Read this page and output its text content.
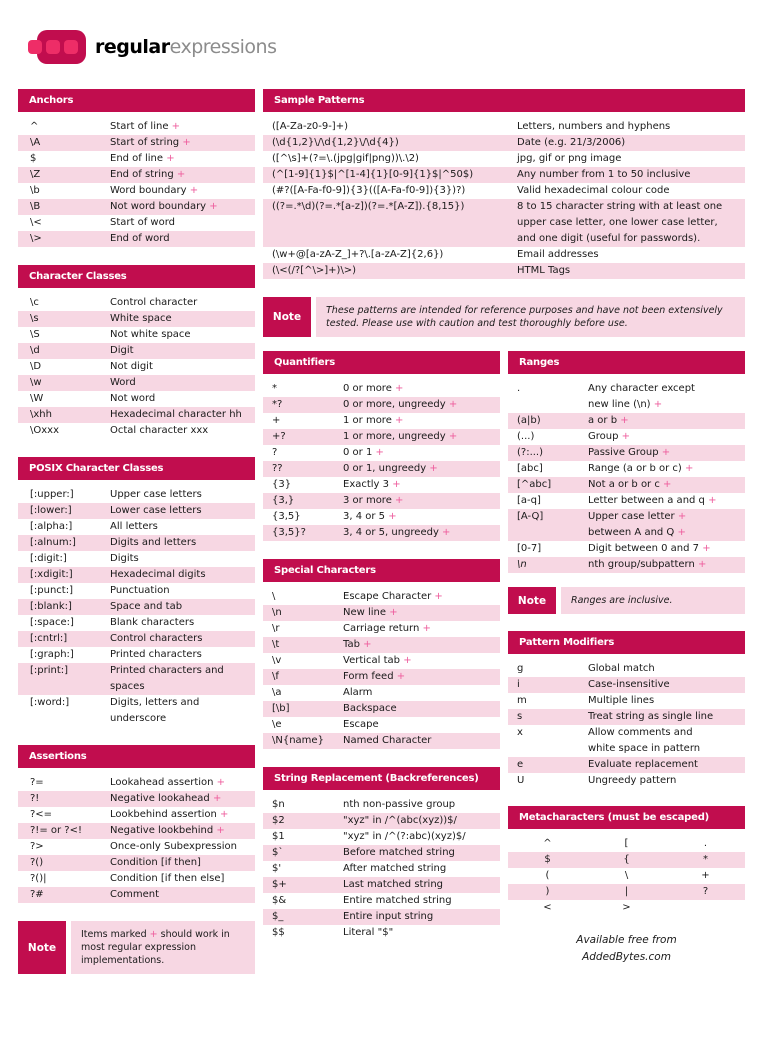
regularexpressions
Anchors
^	Start of line +
\A	Start of string +
$	End of line +
\Z	End of string +
\b	Word boundary +
\B	Not word boundary +
\<	Start of word
\>	End of word
Character Classes
\c	Control character
\s	White space
\S	Not white space
\d	Digit
\D	Not digit
\w	Word
\W	Not word
\xhh	Hexadecimal character hh
\Oxxx	Octal character xxx
POSIX Character Classes
[:upper:]	Upper case letters
[:lower:]	Lower case letters
[:alpha:]	All letters
[:alnum:]	Digits and letters
[:digit:]	Digits
[:xdigit:]	Hexadecimal digits
[:punct:]	Punctuation
[:blank:]	Space and tab
[:space:]	Blank characters
[:cntrl:]	Control characters
[:graph:]	Printed characters
[:print:]	Printed characters and
spaces
[:word:]	Digits, letters and
underscore
Assertions
?=	Lookahead assertion +
?!	Negative lookahead +
?<=	Lookbehind assertion +
?!= or ?<!	Negative lookbehind +
?>	Once-only Subexpression
?()	Condition [if then]
?()|	Condition [if then else]
?#	Comment
Note
Items marked + should work in most regular expression implementations.
Sample Patterns
([A-Za-z0-9-]+)	Letters, numbers and hyphens
(\d{1,2}\/\d{1,2}\/\d{4})	Date (e.g. 21/3/2006)
([^\s]+(?=\.(jpg|gif|png))\.\2)	jpg, gif or png image
(^[1-9]{1}$|^[1-4]{1}[0-9]{1}$|^50$)	Any number from 1 to 50 inclusive
(#?([A-Fa-f0-9]){3}(([A-Fa-f0-9]){3})?)	Valid hexadecimal colour code
((?=.*\d)(?=.*[a-z])(?=.*[A-Z]).{8,15})	8 to 15 character string with at least one
upper case letter, one lower case letter,
and one digit (useful for passwords).
(\w+@[a-zA-Z_]+?\.[a-zA-Z]{2,6})	Email addresses
(\<(/?[^\>]+)\>)	HTML Tags
Note
These patterns are intended for reference purposes and have not been extensively tested. Please use with caution and test thoroughly before use.
Quantifiers
*	0 or more +
*?	0 or more, ungreedy +
+	1 or more +
+?	1 or more, ungreedy +
?	0 or 1 +
??	0 or 1, ungreedy +
{3}	Exactly 3 +
{3,}	3 or more +
{3,5}	3, 4 or 5 +
{3,5}?	3, 4 or 5, ungreedy +
Special Characters
\	Escape Character +
\n	New line +
\r	Carriage return +
\t	Tab +
\v	Vertical tab +
\f	Form feed +
\a	Alarm
[\b]	Backspace
\e	Escape
\N{name}	Named Character
String Replacement (Backreferences)
$n	nth non-passive group
$2	"xyz" in /^(abc(xyz))$/
$1	"xyz" in /^(?:abc)(xyz)$/
$`	Before matched string
$'	After matched string
$+	Last matched string
$&	Entire matched string
$_	Entire input string
$$	Literal "$"
Ranges
.	Any character except
new line (\n) +
(a|b)	a or b +
(...)	Group +
(?:...)	Passive Group +
[abc]	Range (a or b or c) +
[^abc]	Not a or b or c +
[a-q]	Letter between a and q +
[A-Q]	Upper case letter +
between A and Q +
[0-7]	Digit between 0 and 7 +
\n	nth group/subpattern +
Note	Ranges are inclusive.
Pattern Modifiers
g	Global match
i	Case-insensitive
m	Multiple lines
s	Treat string as single line
x	Allow comments and
white space in pattern
e	Evaluate replacement
U	Ungreedy pattern
Metacharacters (must be escaped)
^	[	.
$	{	*
(	\	+
)	|	?
<	>
Available free from
AddedBytes.com
